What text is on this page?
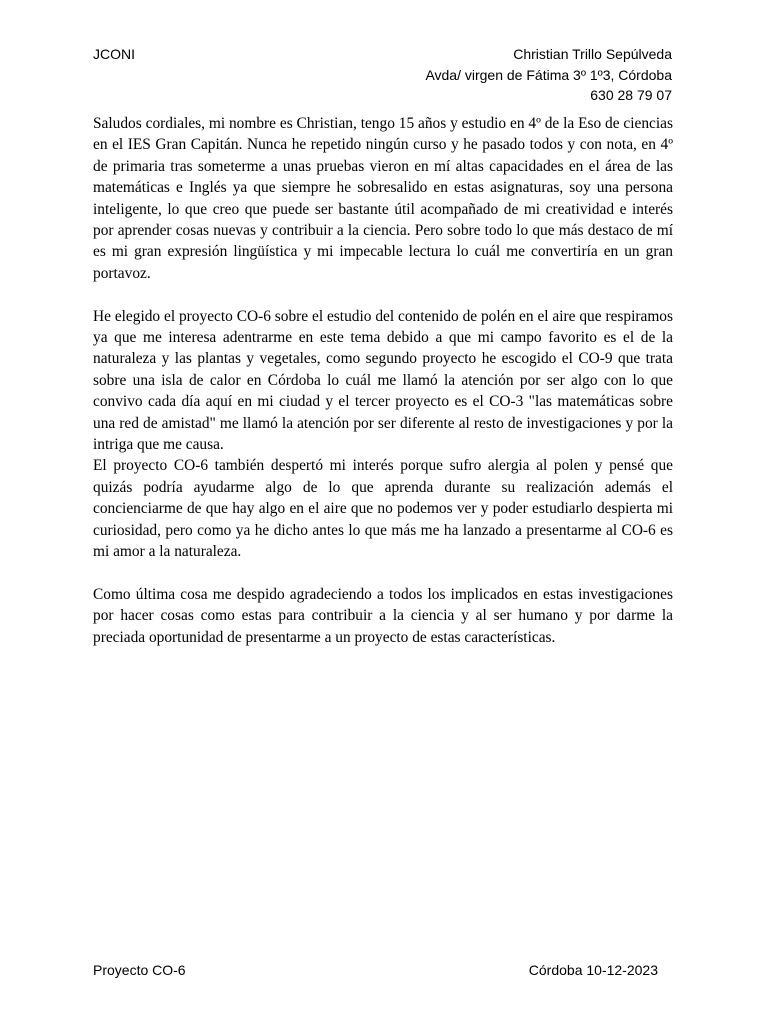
JCONI	Christian Trillo Sepúlveda
Avda/ virgen de Fátima 3º 1º3, Córdoba
630 28 79 07

Saludos cordiales, mi nombre es Christian, tengo 15 años y estudio en 4º de la Eso de ciencias en el IES Gran Capitán. Nunca he repetido ningún curso y he pasado todos y con nota, en 4º de primaria tras someterme a unas pruebas vieron en mí altas capacidades en el área de las matemáticas e Inglés ya que siempre he sobresalido en estas asignaturas, soy una persona inteligente, lo que creo que puede ser bastante útil acompañado de mi creatividad e interés por aprender cosas nuevas y contribuir a la ciencia. Pero sobre todo lo que más destaco de mí es mi gran expresión lingüística y mi impecable lectura lo cuál me convertiría en un gran portavoz.

He elegido el proyecto CO-6 sobre el estudio del contenido de polén en el aire que respiramos ya que me interesa adentrarme en este tema debido a que mi campo favorito es el de la naturaleza y las plantas y vegetales, como segundo proyecto he escogido el CO-9 que trata sobre una isla de calor en Córdoba lo cuál me llamó la atención por ser algo con lo que convivo cada día aquí en mi ciudad y el tercer proyecto es el CO-3 "las matemáticas sobre una red de amistad" me llamó la atención por ser diferente al resto de investigaciones y por la intriga que me causa.

El proyecto CO-6 también despertó mi interés porque sufro alergia al polen y pensé que quizás podría ayudarme algo de lo que aprenda durante su realización además el concienciarme de que hay algo en el aire que no podemos ver y poder estudiarlo despierta mi curiosidad, pero como ya he dicho antes lo que más me ha lanzado a presentarme al CO-6 es mi amor a la naturaleza.

Como última cosa me despido agradeciendo a todos los implicados en estas investigaciones por hacer cosas como estas para contribuir a la ciencia y al ser humano y por darme la preciada oportunidad de presentarme a un proyecto de estas características.

Proyecto CO-6	Córdoba 10-12-2023
